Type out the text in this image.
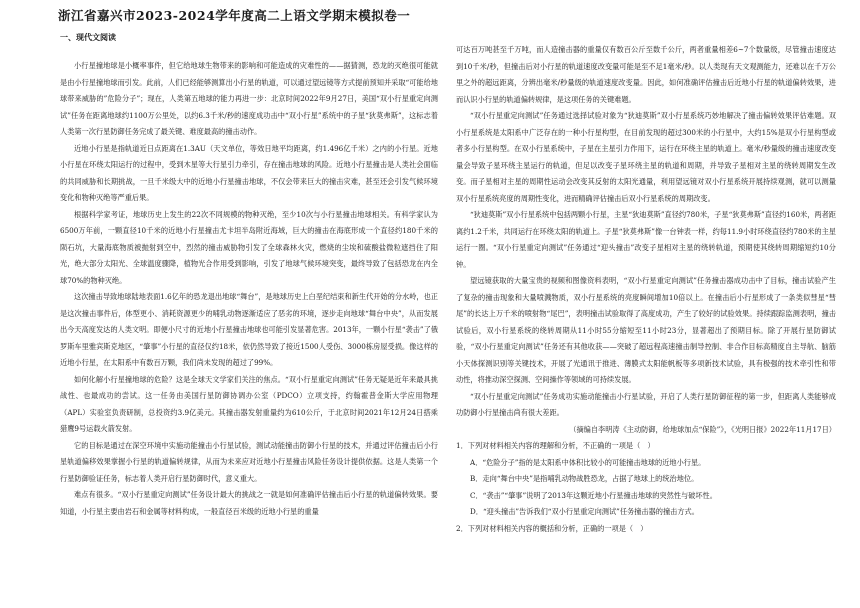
浙江省嘉兴市2023-2024学年度高二上语文学期末模拟卷一
一、现代文阅读

小行星撞地球是小概率事件，但它给地球生物带来的影响和可能造成的灾难性的——据猜测，恐龙的灭绝很可能就是由小行星撞地球而引发。此前，人们已经能够测算出小行星的轨道，可以通过望远镜等方式提前预知并采取“可能给地球带来威胁的”危险分子”；现在，人类第五地球的能力再进一步：北京时间2022年9月27日，美国“双小行星重定向测试”任务在距离地球约1100万公里处，以约6.3千米/秒的速度成功击中“双小行星”系统中的子星“狄莫弗斯”，这标志着人类第一次行星防御任务完成了最关键、难度最高的撞击动作。

近地小行星是指轨道近日点距离在1.3AU（天文单位，等效日地平均距离，约1.496亿千米）之内的小行星。近地小行星在环绕太阳运行的过程中，受到木星等大行星引力牵引，存在撞击地球的风险。近地小行星撞击是人类社会面临的共同威胁和长期挑战，一旦千米级大中的近地小行星撞击地球，不仅会带来巨大的撞击灾难，甚至还会引发气候环境变化和物种灭绝等严重后果。

根据科学家考证，地球历史上发生的22次不同规模的物种灭绝，至少10次与小行星撞击地球相关。有科学家认为6500万年前，一颗直径10千米的近地小行星撞击尤卡坦半岛附近海域，巨大的撞击在海底形成一个直径约180千米的陨石坑，大量海底物质被抛射到空中，烈然的撞击威胁物引发了全球森林火灾，燃烧的尘埃和硫酸盐微粒遮挡住了阳光，绝大部分太阳光、全球温度骤降，植物光合作用受到影响，引发了地球气候环境突变，最终导致了包括恐龙在内全球70%的物种灭绝。

这次撞击导致地球陆地表面1.6亿年的恐龙退出地球“舞台”，是地球历史上白垩纪结束和新生代开始的分水岭，也正是这次撞击事件后，体型更小、消耗资源更少的哺乳动物逐渐适应了恶劣的环境，逐步走向地球“舞台中央”，从而发展出今天高度发达的人类文明。即便小尺寸的近地小行星撞击地球也可能引发显著危害。2013年，一颗小行星“袭击”了俄罗斯车里雅宾斯克地区，“肇事”小行星的直径仅约18米，依仍然导致了接近1500人受伤、3000栋房屋受损。像这样的近地小行星，在太阳系中有数百万颗，我们尚未发现的超过了99%。

如何化解小行星撞地球的危险？这是全球天文学家们关注的焦点。“双小行星重定向测试”任务无疑是近年来最具挑战性、也最成功的尝试。这一任务由美国行星防御协调办公室（PDCO）立项支持，约翰霍普金斯大学应用物理（APL）实验室负责研制，总投资约3.9亿美元。其撞击器发射重量约为610公斤，于北京时间2021年12月24日搭乘猎鹰9号运载火箭发射。

它的目标是通过在深空环境中实施动能撞击小行星试验，测试动能撞击防御小行星的技术，并通过评估撞击后小行星轨道偏移效果掌握小行星的轨道偏转规律，从而为未来应对近地小行星撞击风险任务设计提供依据。这是人类第一个行星防御验证任务，标志着人类开启行星防御时代，意义重大。

难点有很多。“双小行星重定向测试”任务设计最大的挑战之一就是如何准确评估撞击后小行星的轨道偏转效果。要知道，小行星主要由岩石和金属等材料构成，一般直径百米级的近地小行星的重量

可达百万吨甚至千万吨，而人造撞击器的重量仅有数百公斤至数千公斤，两者重量相差6~7个数量级，尽管撞击速度达到10千米/秒，但撞击后对小行星的轨道速度改变量可能是至不足1毫米/秒。以人类现有天文观测能力，还难以在千万公里之外的超远距离，分辨出毫米/秒量级的轨道速度改变量。因此，如何准确评估撞击后近地小行星的轨道偏转效果，进而认识小行星的轨道偏转规律，是这项任务的关键难题。

“双小行星重定向测试”任务通过选择试验对象为“狄迪莫斯”双小行星系统巧妙地解决了撞击偏转效果评估难题。双小行星系统是太阳系中广泛存在的一种小行星构型，在目前发现的超过300米的小行星中，大约15%是双小行星构型或者多小行星构型。在双小行星系统中，子星在主星引力作用下，运行在环绕主星的轨道上。毫米/秒量级的撞击速度改变量会导致子星环绕主星运行的轨道，但足以改变子星环绕主星的轨道和周期，并导致子星相对主星的绕转周期发生改变。而子星相对主星的周期性运动会改变其反射的太阳光通量，利用望远镜对双小行星系统开展持续观测，就可以测量双小行星系统亮度的周期性变化，进而精确评估撞击后双小行星系统的周期改变。

“狄迪莫斯”双小行星系统中包括两颗小行星，主星“狄迪莫斯”直径约780米，子星“狄莫弗斯”直径约160米，两者距离约1.2千米，共同运行在环绕太阳的轨道上。子星“狄莫弗斯”像一台钟表一样，约每11.9小时环绕直径约780米的主星运行一圈。“双小行星重定向测试”任务通过“迎头撞击”改变子星相对主星的绕转轨道，预期使其绕转周期缩短约10分钟。

望远镜获取的大量宝贵的视频和图像资料表明，“双小行星重定向测试”任务撞击器成功击中了目标，撞击试验产生了复杂的撞击现象和大量喷溅物质，双小行星系统的亮度瞬间增加10倍以上。在撞击后小行星形成了一条类似彗星“彗尾”的长达上万千米的喷射物“尾巴”，表明撞击试验取得了高度成功，产生了较好的试验效果。持续跟踪监测表明，撞击试验后，双小行星系统的绕转周期从11小时55分缩短至11小时23分，显著超出了预期目标。除了开展行星防御试验，“双小行星重定向测试”任务还有其他收获——突破了超远程高速撞击制导控制、非合作目标高精度自主导航、脑筋小天体探测识别等关键技术，开展了光通讯于推进、薄膜式太阳能帆板等多项新技术试验，具有极强的技术牵引性和带动性，将推动深空探测、空间操作等领域的可持续发展。

“双小行星重定向测试”任务成功实施动能撞击小行星试验，开启了人类行星防御征程的第一步，但距离人类能够成功防御小行星撞击尚有很大差距。

（摘编自李明涛《主动防御，给地球加点“保险”》，《光明日报》2022年11月17日）

1．下列对材料相关内容的理解和分析，不正确的一项是（　）

A．“危险分子”指的是太阳系中体积比较小的可能撞击地球的近地小行星。

B．走向“舞台中央”是指哺乳动物战胜恐龙，占据了地球上的统治地位。

C．“袭击”“肇事”说明了2013年这颗近地小行星撞击地球的突然性与破坏性。

D．“迎头撞击”告诉我们“双小行星重定向测试”任务撞击器的撞击方式。

2．下列对材料相关内容的概括和分析，正确的一项是（　）
